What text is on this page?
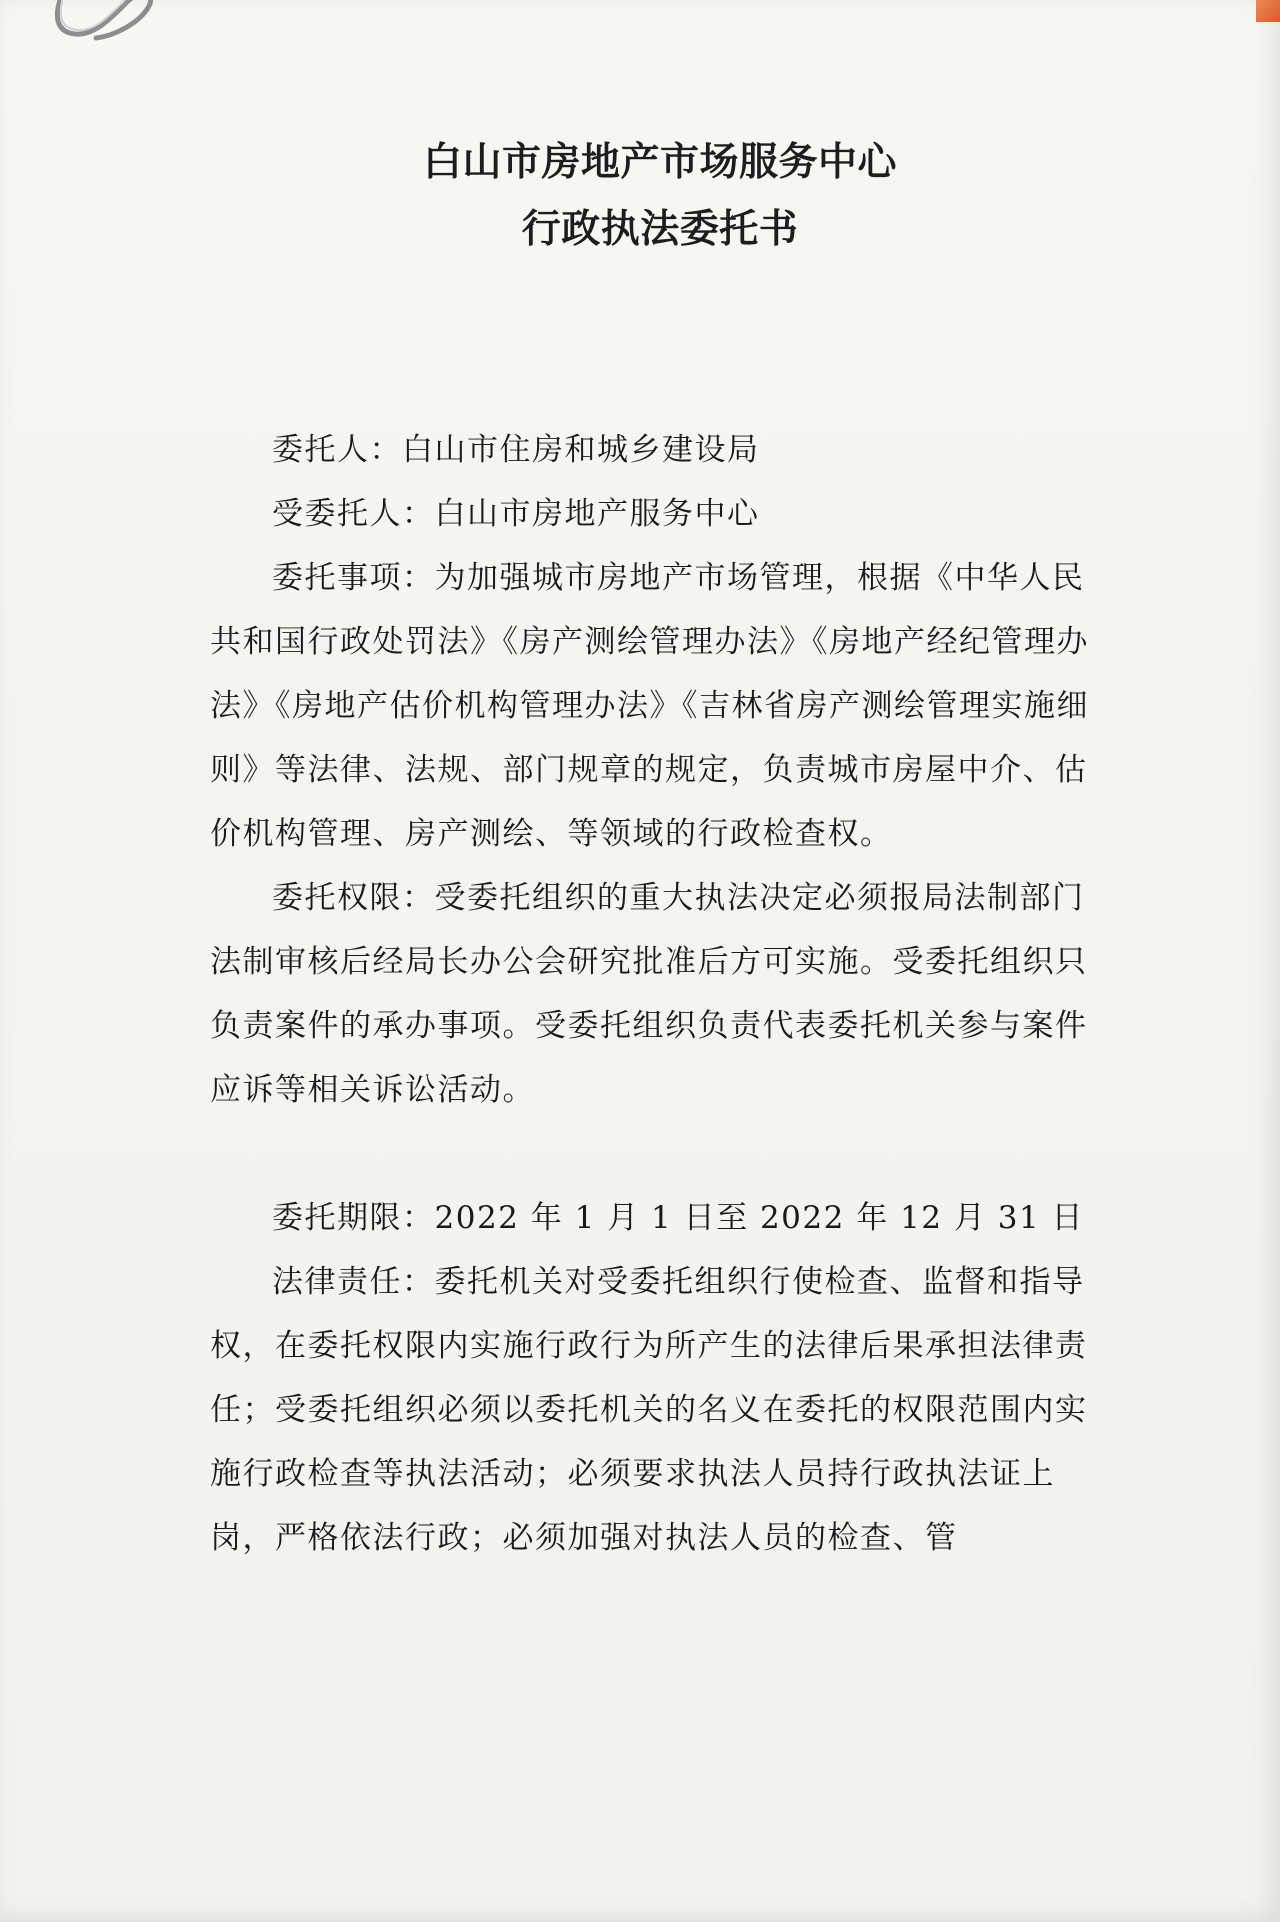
白山市房地产市场服务中心
行政执法委托书

委托人：白山市住房和城乡建设局

受委托人：白山市房地产服务中心

委托事项：为加强城市房地产市场管理，根据《中华人民共和国行政处罚法》《房产测绘管理办法》《房地产经纪管理办法》《房地产估价机构管理办法》《吉林省房产测绘管理实施细则》等法律、法规、部门规章的规定，负责城市房屋中介、估价机构管理、房产测绘、等领域的行政检查权。

委托权限：受委托组织的重大执法决定必须报局法制部门法制审核后经局长办公会研究批准后方可实施。受委托组织只负责案件的承办事项。受委托组织负责代表委托机关参与案件应诉等相关诉讼活动。

委托期限：2022 年 1 月 1 日至 2022 年 12 月 31 日

法律责任：委托机关对受委托组织行使检查、监督和指导权，在委托权限内实施行政行为所产生的法律后果承担法律责任；受委托组织必须以委托机关的名义在委托的权限范围内实施行政检查等执法活动；必须要求执法人员持行政执法证上岗，严格依法行政；必须加强对执法人员的检查、管
